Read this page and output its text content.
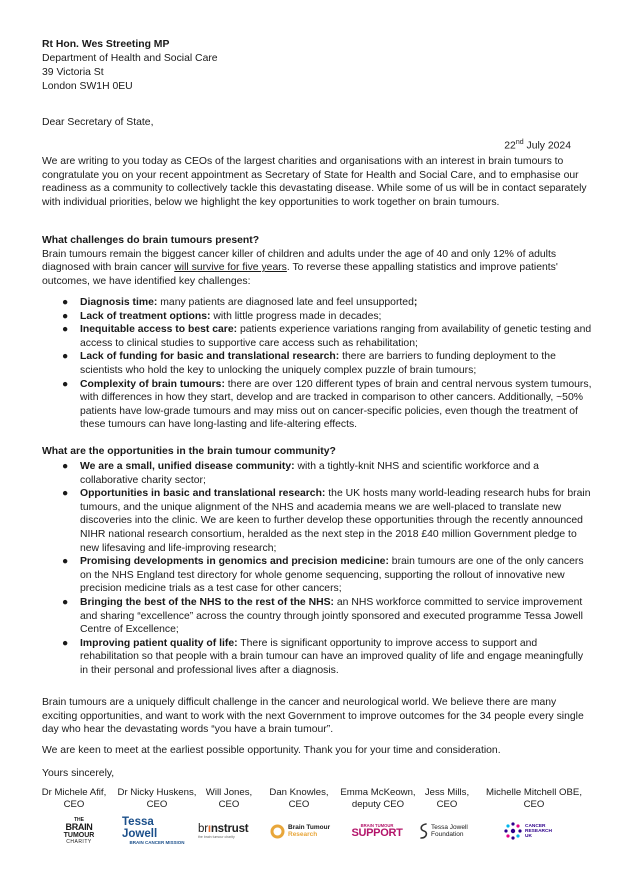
Rt Hon. Wes Streeting MP
Department of Health and Social Care
39 Victoria St
London SW1H 0EU
Dear Secretary of State,
22nd July 2024

We are writing to you today as CEOs of the largest charities and organisations with an interest in brain tumours to congratulate you on your recent appointment as Secretary of State for Health and Social Care, and to emphasise our readiness as a community to collectively tackle this devastating disease. While some of us will be in contact separately with individual priorities, below we highlight the key opportunities to work together on brain tumours.

What challenges do brain tumours present?

Brain tumours remain the biggest cancer killer of children and adults under the age of 40 and only 12% of adults diagnosed with brain cancer will survive for five years. To reverse these appalling statistics and improve patients' outcomes, we have identified key challenges:

● Diagnosis time: many patients are diagnosed late and feel unsupported;
● Lack of treatment options: with little progress made in decades;
● Inequitable access to best care: patients experience variations ranging from availability of genetic testing and access to clinical studies to supportive care access such as rehabilitation;
● Lack of funding for basic and translational research: there are barriers to funding deployment to the scientists who hold the key to unlocking the uniquely complex puzzle of brain tumours;
● Complexity of brain tumours: there are over 120 different types of brain and central nervous system tumours, with differences in how they start, develop and are tracked in comparison to other cancers. Additionally, ~50% patients have low-grade tumours and may miss out on cancer-specific policies, even though the treatment of these tumours can have long-lasting and life-altering effects.

What are the opportunities in the brain tumour community?

● We are a small, unified disease community: with a tightly-knit NHS and scientific workforce and a collaborative charity sector;
● Opportunities in basic and translational research: the UK hosts many world-leading research hubs for brain tumours, and the unique alignment of the NHS and academia means we are well-placed to translate new discoveries into the clinic. We are keen to further develop these opportunities through the recently announced NIHR national research consortium, heralded as the next step in the 2018 £40 million Government pledge to new lifesaving and life-improving research;
● Promising developments in genomics and precision medicine: brain tumours are one of the only cancers on the NHS England test directory for whole genome sequencing, supporting the rollout of innovative new precision medicine trials as a test case for other cancers;
● Bringing the best of the NHS to the rest of the NHS: an NHS workforce committed to service improvement and sharing “excellence” across the country through jointly sponsored and executed programme Tessa Jowell Centre of Excellence;
● Improving patient quality of life: There is significant opportunity to improve access to support and rehabilitation so that people with a brain tumour can have an improved quality of life and engage meaningfully in their personal and professional lives after a diagnosis.

Brain tumours are a uniquely difficult challenge in the cancer and neurological world. We believe there are many exciting opportunities, and want to work with the next Government to improve outcomes for the 34 people every single day who hear the devastating words “you have a brain tumour”.

We are keen to meet at the earliest possible opportunity. Thank you for your time and consideration.

Yours sincerely,
Dr Michele Afif,
CEO
Dr Nicky Huskens,
CEO
Will Jones,
CEO
Dan Knowles,
CEO
Emma McKeown,
deputy CEO
Jess Mills,
CEO
Michelle Mitchell OBE,
CEO
THE
BRAIN
TUMOUR
CHARITY
Tessa Jowell
BRAIN CANCER MISSION
brınstrust
the brain tumour charity
Brain Tumour
Research
BRAIN TUMOUR
SUPPORT	Tessa Jowell
Foundation
CANCER
RESEARCH
UK
